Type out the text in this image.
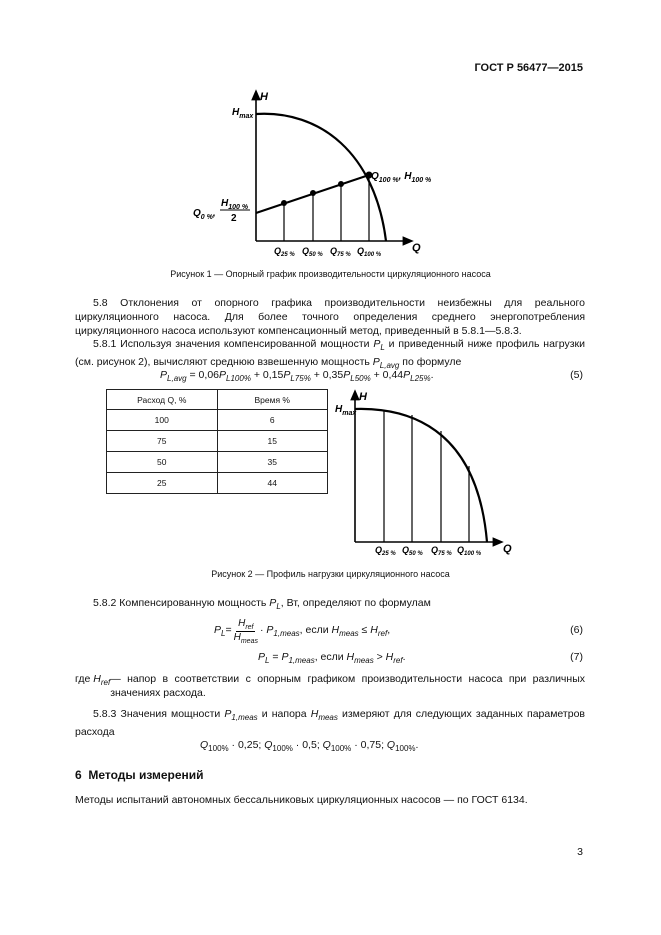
ГОСТ Р 56477—2015
H
Q
$H_{max}$
$Q_{100 \%}$, $H_{100 \%}$
$Q_{0 \%}$,
$H_{100 \%}$
2
$Q_{25 \%}$ $Q_{50 \%}$ $Q_{75 \%}$ $Q_{100 \%}$
Рисунок 1 — Опорный график производительности циркуляционного насоса
5.8 Отклонения от опорного графика производительности неизбежны для реального циркуляционного насоса. Для более точного определения среднего энергопотребления циркуляционного насоса используют компенсационный метод, приведенный в 5.8.1—5.8.3.
5.8.1 Используя значения компенсированной мощности $P_L$ и приведенный ниже профиль нагрузки (см. рисунок 2), вычисляют среднюю взвешенную мощность $P_{L,avg}$ по формуле
$P_{L,avg} = 0,06P_{L100\%} + 0,15P_{L75\%} + 0,35P_{L50\%} + 0,44P_{L25\%}$.	(5)
Расход Q, %	Время %
100	6
75	15
50	35
25	44
H
Q
$H_{max}$
$Q_{25 \%}$ $Q_{50 \%}$ $Q_{75 \%}$ $Q_{100 \%}$
Рисунок 2 — Профиль нагрузки циркуляционного насоса
5.8.2 Компенсированную мощность $P_L$, Вт, определяют по формулам
$P_L=$
$H_{ref}$
$H_{meas}$
· $P_{1,meas}$, если $H_{meas} \le H_{ref}$,	(6)
$P_L = P_{1,meas}$, если $H_{meas} > H_{ref}$.	(7)
где $H_{ref}$ — напор в соответствии с опорным графиком производительности насоса при различных значениях расхода.
5.8.3 Значения мощности $P_{1,meas}$ и напора $H_{meas}$ измеряют для следующих заданных параметров расхода
$Q_{100\%} \cdot 0,25$; $Q_{100\%} \cdot 0,5$; $Q_{100\%} \cdot 0,75$; $Q_{100\%}$.
6  Методы измерений
Методы испытаний автономных бессальниковых циркуляционных насосов — по ГОСТ 6134.
3
